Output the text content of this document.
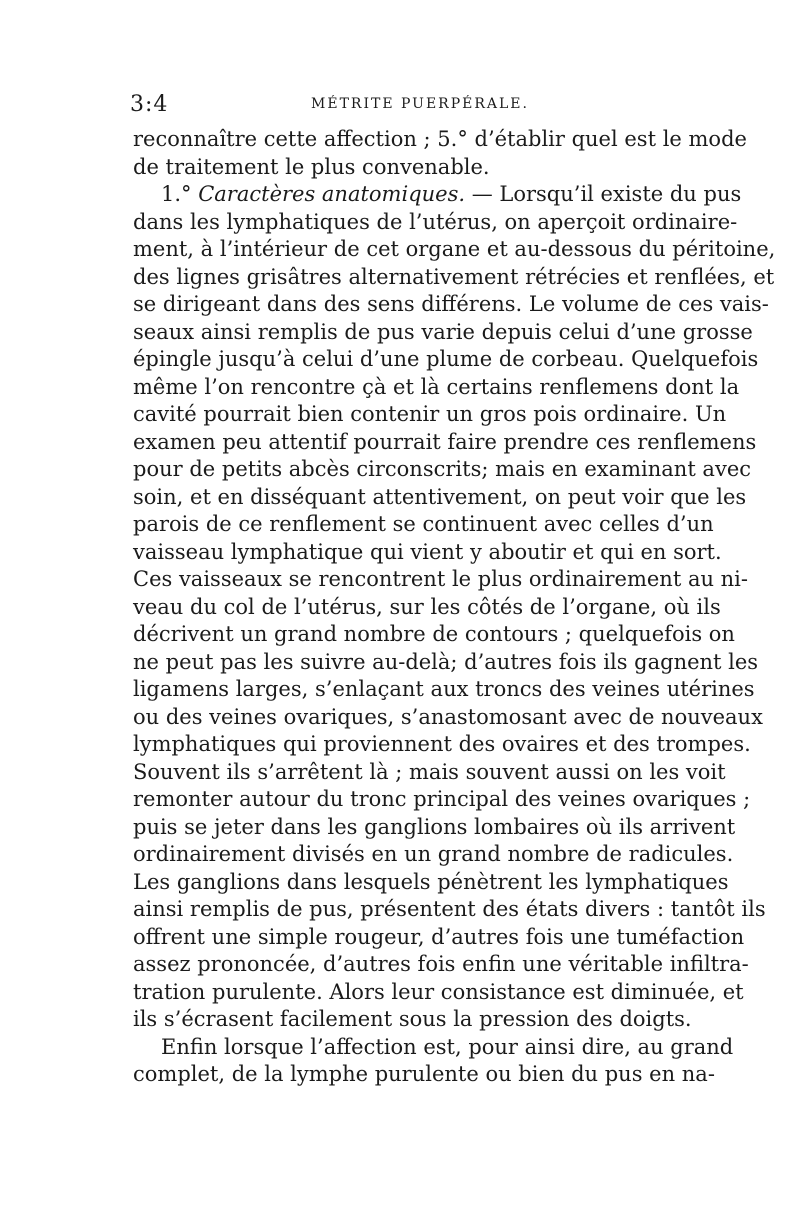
3:4	MÉTRITE PUERPÉRALE.
reconnaître cette affection ; 5.° d’établir quel est le mode
de traitement le plus convenable.
1.° Caractères anatomiques. — Lorsqu’il existe du pus
dans les lymphatiques de l’utérus, on aperçoit ordinaire-
ment, à l’intérieur de cet organe et au-dessous du péritoine,
des lignes grisâtres alternativement rétrécies et renflées, et
se dirigeant dans des sens différens. Le volume de ces vais-
seaux ainsi remplis de pus varie depuis celui d’une grosse
épingle jusqu’à celui d’une plume de corbeau. Quelquefois
même l’on rencontre çà et là certains renflemens dont la
cavité pourrait bien contenir un gros pois ordinaire. Un
examen peu attentif pourrait faire prendre ces renflemens
pour de petits abcès circonscrits; mais en examinant avec
soin, et en disséquant attentivement, on peut voir que les
parois de ce renflement se continuent avec celles d’un
vaisseau lymphatique qui vient y aboutir et qui en sort.
Ces vaisseaux se rencontrent le plus ordinairement au ni-
veau du col de l’utérus, sur les côtés de l’organe, où ils
décrivent un grand nombre de contours ; quelquefois on
ne peut pas les suivre au-delà; d’autres fois ils gagnent les
ligamens larges, s’enlaçant aux troncs des veines utérines
ou des veines ovariques, s’anastomosant avec de nouveaux
lymphatiques qui proviennent des ovaires et des trompes.
Souvent ils s’arrêtent là ; mais souvent aussi on les voit
remonter autour du tronc principal des veines ovariques ;
puis se jeter dans les ganglions lombaires où ils arrivent
ordinairement divisés en un grand nombre de radicules.
Les ganglions dans lesquels pénètrent les lymphatiques
ainsi remplis de pus, présentent des états divers : tantôt ils
offrent une simple rougeur, d’autres fois une tuméfaction
assez prononcée, d’autres fois enfin une véritable infiltra-
tration purulente. Alors leur consistance est diminuée, et
ils s’écrasent facilement sous la pression des doigts.
Enfin lorsque l’affection est, pour ainsi dire, au grand
complet, de la lymphe purulente ou bien du pus en na-
